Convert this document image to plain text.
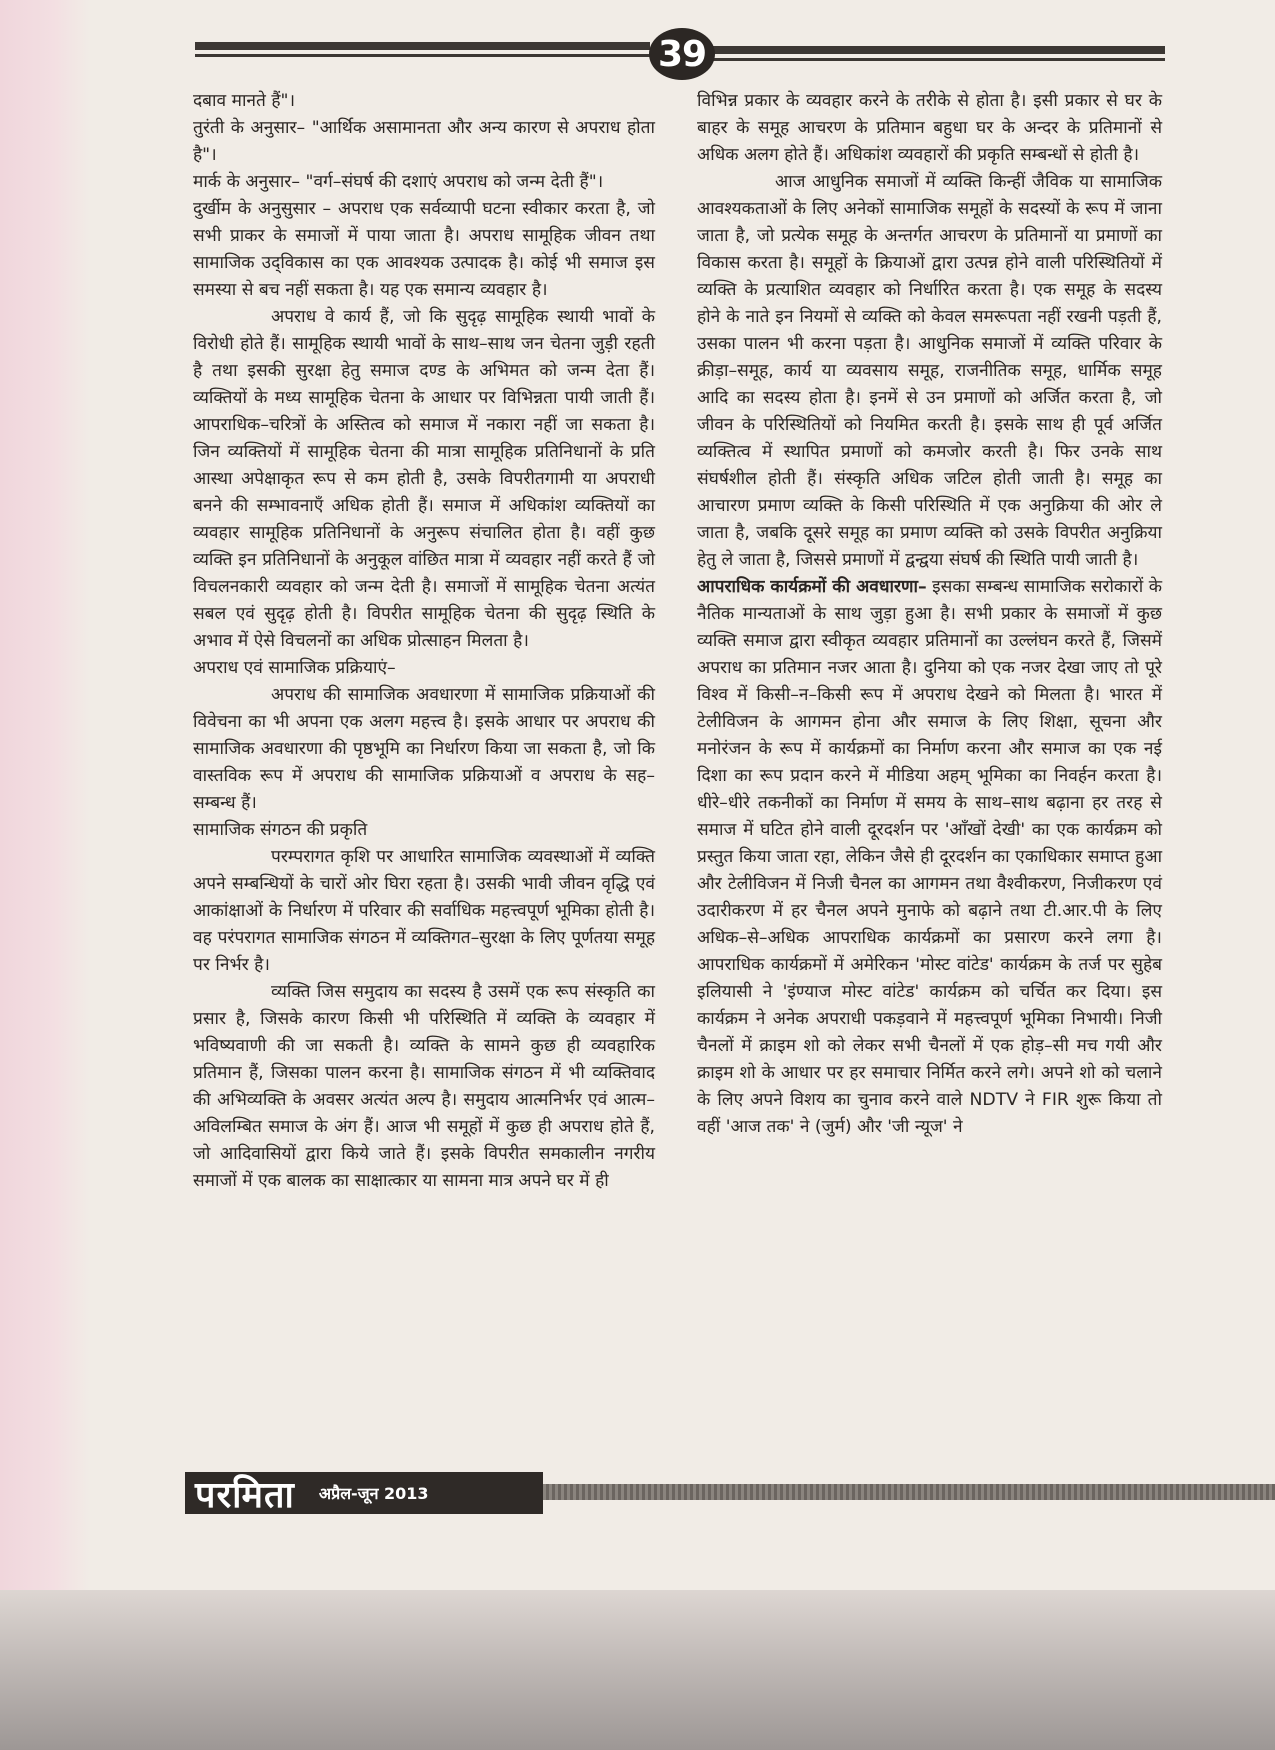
39

दबाव मानते हैं"।

तुरंती के अनुसार– "आर्थिक असामानता और अन्य कारण से अपराध होता है"।

मार्क के अनुसार– "वर्ग–संघर्ष की दशाएं अपराध को जन्म देती हैं"।

दुर्खीम के अनुसुसार – अपराध एक सर्वव्यापी घटना स्वीकार करता है, जो सभी प्राकर के समाजों में पाया जाता है। अपराध सामूहिक जीवन तथा सामाजिक उद्‌विकास का एक आवश्यक उत्पादक है। कोई भी समाज इस समस्या से बच नहीं सकता है। यह एक समान्य व्यवहार है।

अपराध वे कार्य हैं, जो कि सुदृढ़ सामूहिक स्थायी भावों के विरोधी होते हैं। सामूहिक स्थायी भावों के साथ–साथ जन चेतना जुड़ी रहती है तथा इसकी सुरक्षा हेतु समाज दण्ड के अभिमत को जन्म देता हैं। व्यक्तियों के मध्य सामूहिक चेतना के आधार पर विभिन्नता पायी जाती हैं। आपराधिक–चरित्रों के अस्तित्व को समाज में नकारा नहीं जा सकता है। जिन व्यक्तियों में सामूहिक चेतना की मात्रा सामूहिक प्रतिनिधानों के प्रति आस्था अपेक्षाकृत रूप से कम होती है, उसके विपरीतगामी या अपराधी बनने की सम्भावनाएँ अधिक होती हैं। समाज में अधिकांश व्यक्तियों का व्यवहार सामूहिक प्रतिनिधानों के अनुरूप संचालित होता है। वहीं कुछ व्यक्ति इन प्रतिनिधानों के अनुकूल वांछित मात्रा में व्यवहार नहीं करते हैं जो विचलनकारी व्यवहार को जन्म देती है। समाजों में सामूहिक चेतना अत्यंत सबल एवं सुदृढ़ होती है। विपरीत सामूहिक चेतना की सुदृढ़ स्थिति के अभाव में ऐसे विचलनों का अधिक प्रोत्साहन मिलता है।

अपराध एवं सामाजिक प्रक्रियाएं–

अपराध की सामाजिक अवधारणा में सामाजिक प्रक्रियाओं की विवेचना का भी अपना एक अलग महत्त्व है। इसके आधार पर अपराध की सामाजिक अवधारणा की पृष्ठभूमि का निर्धारण किया जा सकता है, जो कि वास्तविक रूप में अपराध की सामाजिक प्रक्रियाओं व अपराध के सह–सम्बन्ध हैं।

सामाजिक संगठन की प्रकृति

परम्परागत कृशि पर आधारित सामाजिक व्यवस्थाओं में व्यक्ति अपने सम्बन्धियों के चारों ओर घिरा रहता है। उसकी भावी जीवन वृद्धि एवं आकांक्षाओं के निर्धारण में परिवार की सर्वाधिक महत्त्वपूर्ण भूमिका होती है। वह परंपरागत सामाजिक संगठन में व्यक्तिगत–सुरक्षा के लिए पूर्णतया समूह पर निर्भर है।

व्यक्ति जिस समुदाय का सदस्य है उसमें एक रूप संस्कृति का प्रसार है, जिसके कारण किसी भी परिस्थिति में व्यक्ति के व्यवहार में भविष्यवाणी की जा सकती है। व्यक्ति के सामने कुछ ही व्यवहारिक प्रतिमान हैं, जिसका पालन करना है। सामाजिक संगठन में भी व्यक्तिवाद की अभिव्यक्ति के अवसर अत्यंत अल्प है। समुदाय आत्मनिर्भर एवं आत्म–अविलम्बित समाज के अंग हैं। आज भी समूहों में कुछ ही अपराध होते हैं, जो आदिवासियों द्वारा किये जाते हैं। इसके विपरीत समकालीन नगरीय समाजों में एक बालक का साक्षात्कार या सामना मात्र अपने घर में ही

विभिन्न प्रकार के व्यवहार करने के तरीके से होता है। इसी प्रकार से घर के बाहर के समूह आचरण के प्रतिमान बहुधा घर के अन्दर के प्रतिमानों से अधिक अलग होते हैं। अधिकांश व्यवहारों की प्रकृति सम्बन्धों से होती है।

आज आधुनिक समाजों में व्यक्ति किन्हीं जैविक या सामाजिक आवश्यकताओं के लिए अनेकों सामाजिक समूहों के सदस्यों के रूप में जाना जाता है, जो प्रत्येक समूह के अन्तर्गत आचरण के प्रतिमानों या प्रमाणों का विकास करता है। समूहों के क्रियाओं द्वारा उत्पन्न होने वाली परिस्थितियों में व्यक्ति के प्रत्याशित व्यवहार को निर्धारित करता है। एक समूह के सदस्य होने के नाते इन नियमों से व्यक्ति को केवल समरूपता नहीं रखनी पड़ती हैं, उसका पालन भी करना पड़ता है। आधुनिक समाजों में व्यक्ति परिवार के क्रीड़ा–समूह, कार्य या व्यवसाय समूह, राजनीतिक समूह, धार्मिक समूह आदि का सदस्य होता है। इनमें से उन प्रमाणों को अर्जित करता है, जो जीवन के परिस्थितियों को नियमित करती है। इसके साथ ही पूर्व अर्जित व्यक्तित्व में स्थापित प्रमाणों को कमजोर करती है। फिर उनके साथ संघर्षशील होती हैं। संस्कृति अधिक जटिल होती जाती है। समूह का आचारण प्रमाण व्यक्ति के किसी परिस्थिति में एक अनुक्रिया की ओर ले जाता है, जबकि दूसरे समूह का प्रमाण व्यक्ति को उसके विपरीत अनुक्रिया हेतु ले जाता है, जिससे प्रमाणों में द्वन्द्वया संघर्ष की स्थिति पायी जाती है।

आपराधिक कार्यक्रमों की अवधारणा– इसका सम्बन्ध सामाजिक सरोकारों के नैतिक मान्यताओं के साथ जुड़ा हुआ है। सभी प्रकार के समाजों में कुछ व्यक्ति समाज द्वारा स्वीकृत व्यवहार प्रतिमानों का उल्लंघन करते हैं, जिसमें अपराध का प्रतिमान नजर आता है। दुनिया को एक नजर देखा जाए तो पूरे विश्व में किसी–न–किसी रूप में अपराध देखने को मिलता है। भारत में टेलीविजन के आगमन होना और समाज के लिए शिक्षा, सूचना और मनोरंजन के रूप में कार्यक्रमों का निर्माण करना और समाज का एक नई दिशा का रूप प्रदान करने में मीडिया अहम् भूमिका का निवर्हन करता है। धीरे–धीरे तकनीकों का निर्माण में समय के साथ–साथ बढ़ाना हर तरह से समाज में घटित होने वाली दूरदर्शन पर 'आँखों देखी' का एक कार्यक्रम को प्रस्तुत किया जाता रहा, लेकिन जैसे ही दूरदर्शन का एकाधिकार समाप्त हुआ और टेलीविजन में निजी चैनल का आगमन तथा वैश्वीकरण, निजीकरण एवं उदारीकरण में हर चैनल अपने मुनाफे को बढ़ाने तथा टी.आर.पी के लिए अधिक–से–अधिक आपराधिक कार्यक्रमों का प्रसारण करने लगा है। आपराधिक कार्यक्रमों में अमेरिकन 'मोस्ट वांटेड' कार्यक्रम के तर्ज पर सुहेब इलियासी ने 'इंण्याज मोस्ट वांटेड' कार्यक्रम को चर्चित कर दिया। इस कार्यक्रम ने अनेक अपराधी पकड़वाने में महत्त्वपूर्ण भूमिका निभायी। निजी चैनलों में क्राइम शो को लेकर सभी चैनलों में एक होड़–सी मच गयी और क्राइम शो के आधार पर हर समाचार निर्मित करने लगे। अपने शो को चलाने के लिए अपने विशय का चुनाव करने वाले NDTV ने FIR शुरू किया तो वहीं 'आज तक' ने (जुर्म) और 'जी न्यूज' ने

परमिता अप्रैल-जून 2013
